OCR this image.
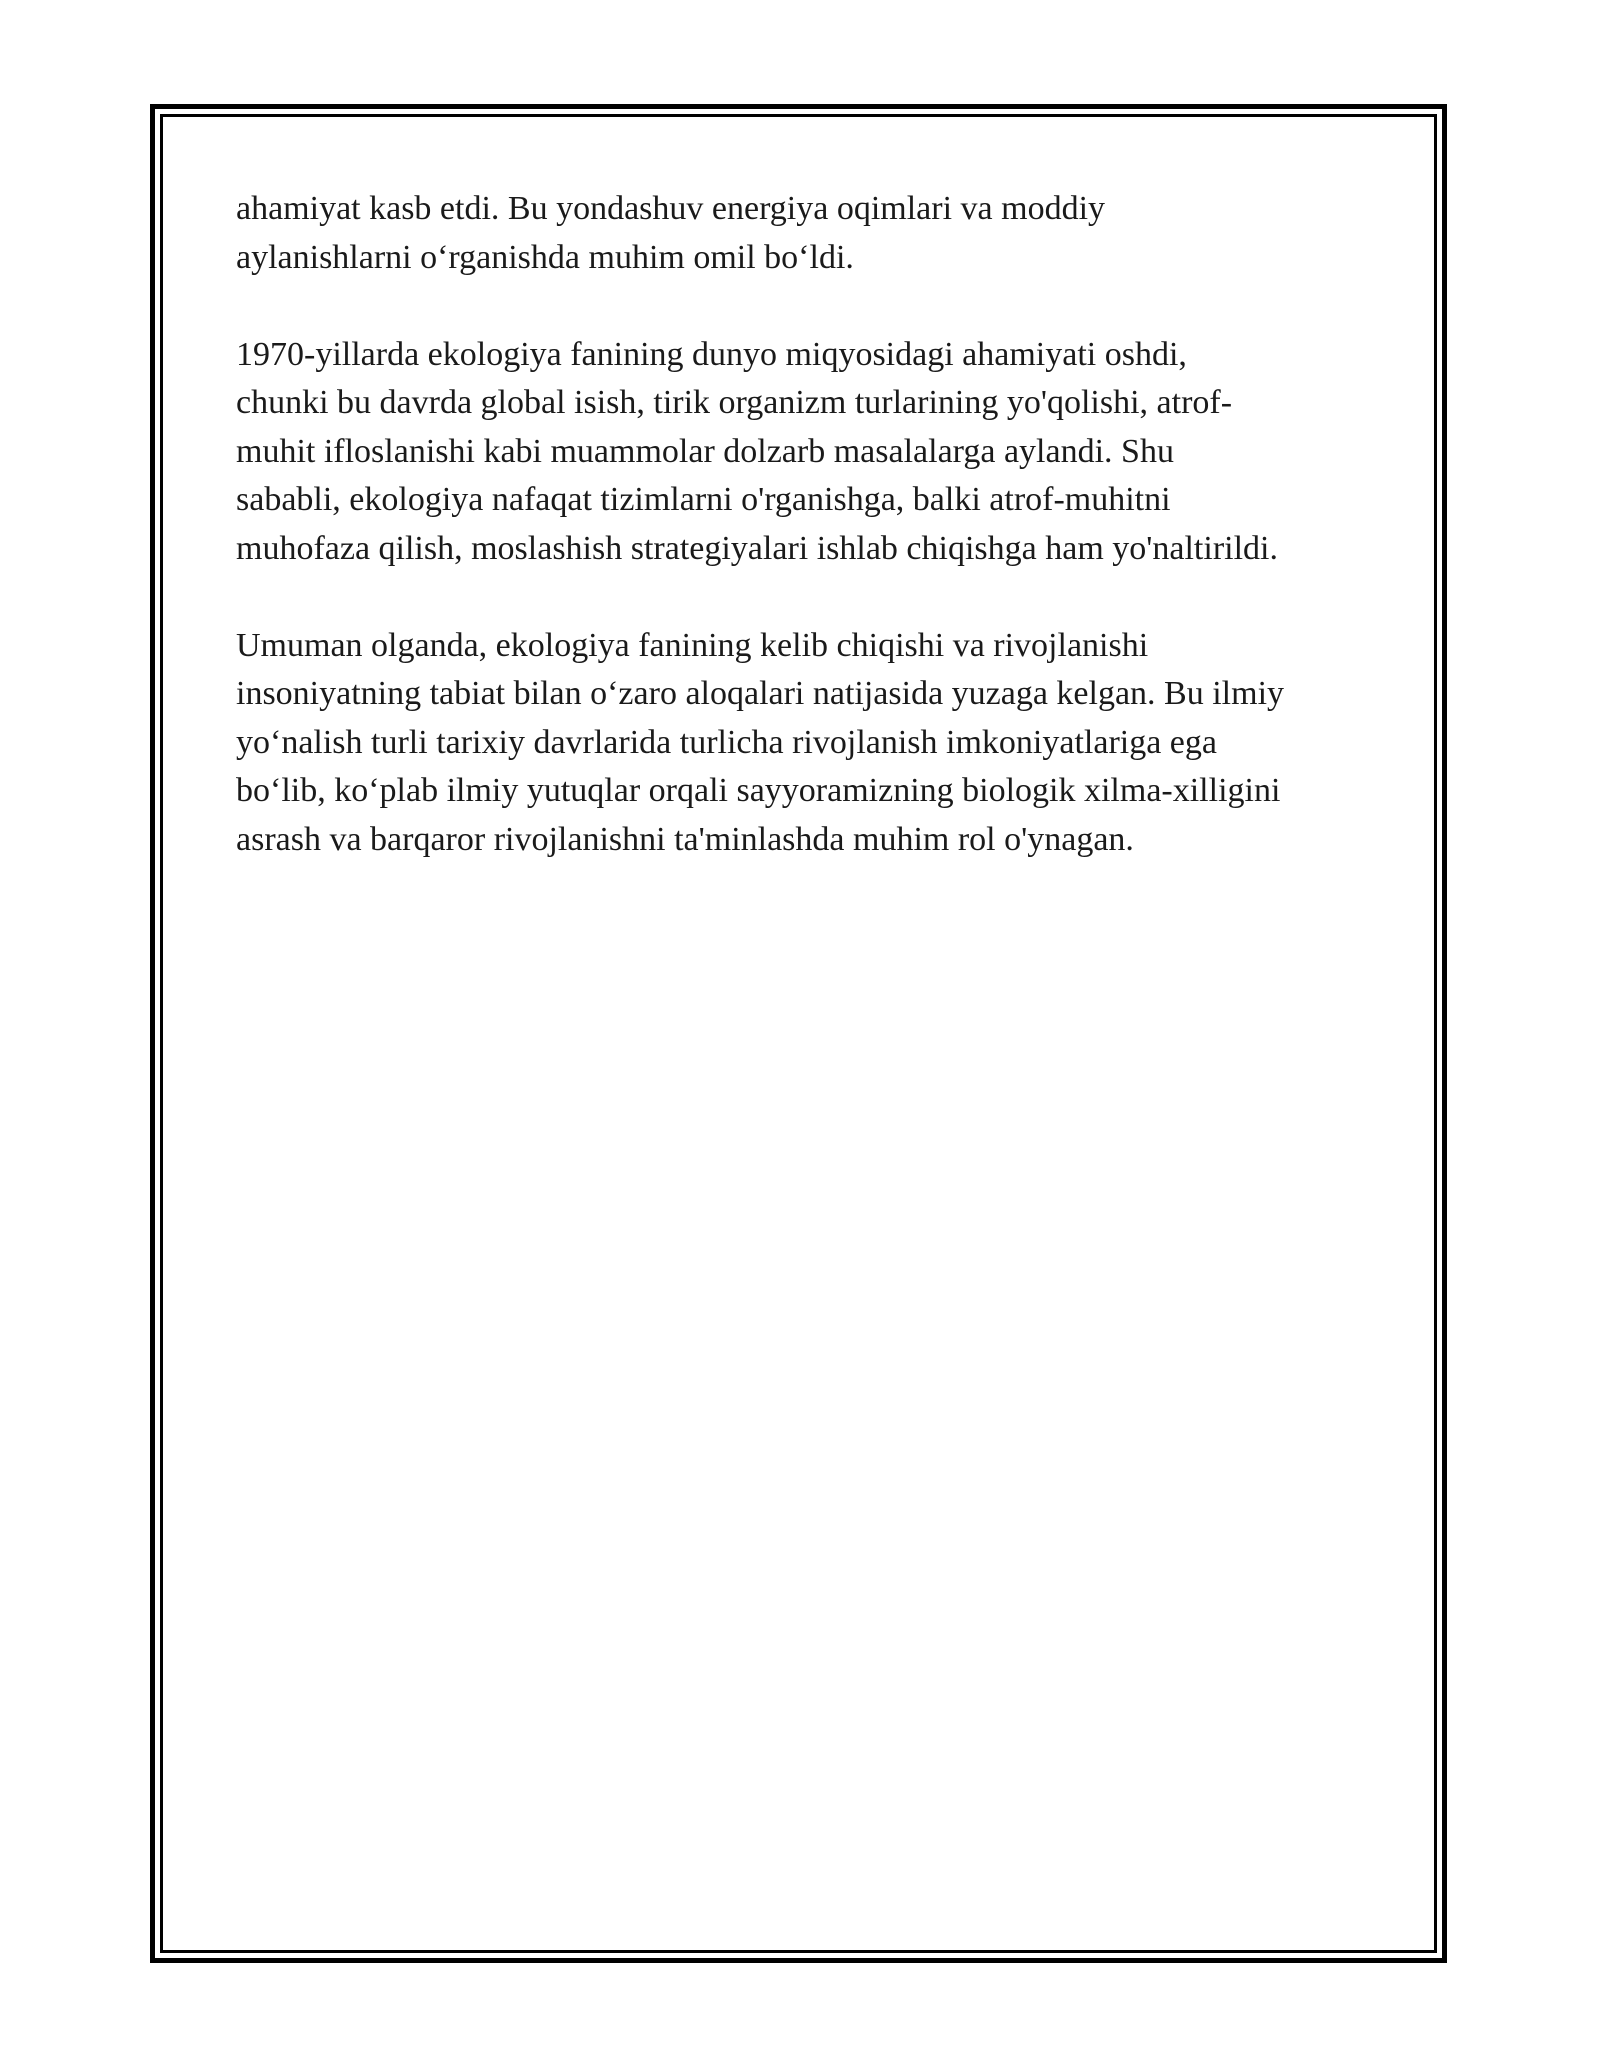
ahamiyat kasb etdi. Bu yondashuv energiya oqimlari va moddiy
aylanishlarni o‘rganishda muhim omil bo‘ldi.

1970-yillarda ekologiya fanining dunyo miqyosidagi ahamiyati oshdi,
chunki bu davrda global isish, tirik organizm turlarining yo'qolishi, atrof-
muhit ifloslanishi kabi muammolar dolzarb masalalarga aylandi. Shu
sababli, ekologiya nafaqat tizimlarni o'rganishga, balki atrof-muhitni
muhofaza qilish, moslashish strategiyalari ishlab chiqishga ham yo'naltirildi.

Umuman olganda, ekologiya fanining kelib chiqishi va rivojlanishi
insoniyatning tabiat bilan o‘zaro aloqalari natijasida yuzaga kelgan. Bu ilmiy
yo‘nalish turli tarixiy davrlarida turlicha rivojlanish imkoniyatlariga ega
bo‘lib, ko‘plab ilmiy yutuqlar orqali sayyoramizning biologik xilma-xilligini
asrash va barqaror rivojlanishni ta'minlashda muhim rol o'ynagan.
